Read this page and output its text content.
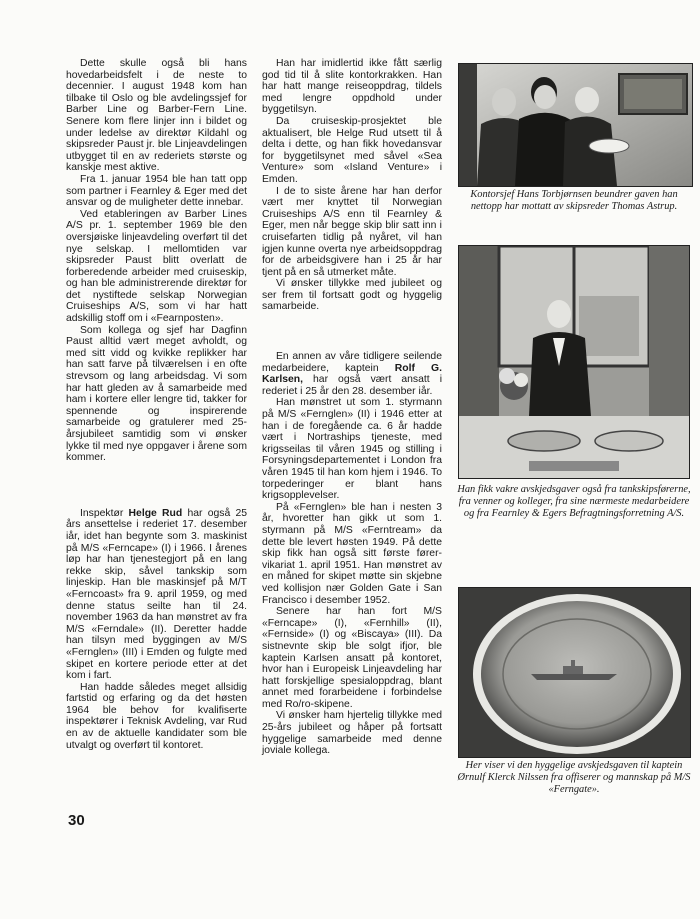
Dette skulle også bli hans hovedarbeidsfelt i de neste to decennier. I august 1948 kom han tilbake til Oslo og ble avdelingssjef for Barber Line og Barber-Fern Line. Senere kom flere linjer inn i bildet og under ledelse av direktør Kildahl og skipsreder Paust jr. ble Linjeavdelingen utbygget til en av rederiets største og kanskje mest aktive.

Fra 1. januar 1954 ble han tatt opp som partner i Fearnley & Eger med det ansvar og de muligheter dette innebar.

Ved etableringen av Barber Lines A/S pr. 1. september 1969 ble den oversjøiske linjeavdeling overført til det nye selskap. I mellomtiden var skipsreder Paust blitt overlatt de forberedende arbeider med cruiseskip, og han ble administrerende direktør for det nystiftede selskap Norwegian Cruiseships A/S, som vi har hatt adskillig stoff om i «Fearnposten».

Som kollega og sjef har Dagfinn Paust alltid vært meget avholdt, og med sitt vidd og kvikke replikker har han satt farve på tilværelsen i en ofte strevsom og lang arbeidsdag. Vi som har hatt gleden av å samarbeide med ham i kortere eller lengre tid, takker for spennende og inspirerende samarbeide og gratulerer med 25-årsjubileet samtidig som vi ønsker lykke til med nye oppgaver i årene som kommer.

Inspektør Helge Rud har også 25 års ansettelse i rederiet 17. desember iår, idet han begynte som 3. maskinist på M/S «Ferncape» (I) i 1966. I årenes løp har han tjenestegjort på en lang rekke skip, såvel tankskip som linjeskip. Han ble maskinsjef på M/T «Ferncoast» fra 9. april 1959, og med denne status seilte han til 24. november 1963 da han mønstret av fra M/S «Ferndale» (II). Deretter hadde han tilsyn med byggingen av M/S «Fernglen» (III) i Emden og fulgte med skipet en kortere periode etter at det kom i fart.

Han hadde således meget allsidig fartstid og erfaring og da det høsten 1964 ble behov for kvalifiserte inspektører i Teknisk Avdeling, var Rud en av de aktuelle kandidater som ble utvalgt og overført til kontoret.

Han har imidlertid ikke fått særlig god tid til å slite kontorkrakken. Han har hatt mange reiseoppdrag, tildels med lengre oppdhold under byggetilsyn.

Da cruiseskip-prosjektet ble aktualisert, ble Helge Rud utsett til å delta i dette, og han fikk hovedansvar for byggetilsynet med såvel «Sea Venture» som «Island Venture» i Emden.

I de to siste årene har han derfor vært mer knyttet til Norwegian Cruiseships A/S enn til Fearnley & Eger, men når begge skip blir satt inn i cruisefarten tidlig på nyåret, vil han igjen kunne overta nye arbeidsoppdrag for de arbeidsgivere han i 25 år har tjent på en så utmerket måte.

Vi ønsker tillykke med jubileet og ser frem til fortsatt godt og hyggelig samarbeide.

En annen av våre tidligere seilende medarbeidere, kaptein Rolf G. Karlsen, har også vært ansatt i rederiet i 25 år den 28. desember iår.

Han mønstret ut som 1. styrmann på M/S «Fernglen» (II) i 1946 etter at han i de foregående ca. 6 år hadde vært i Nortraships tjeneste, med krigsseilas til våren 1945 og stilling i Forsyningsdepartementet i London fra våren 1945 til han kom hjem i 1946. To torpederinger er blant hans krigsopplevelser.

På «Fernglen» ble han i nesten 3 år, hvoretter han gikk ut som 1. styrmann på M/S «Ferntream» da dette ble levert høsten 1949. På dette skip fikk han også sitt første fører-vikariat 1. april 1951. Han mønstret av en måned for skipet møtte sin skjebne ved kollisjon nær Golden Gate i San Francisco i desember 1952.

Senere har han fort M/S «Ferncape» (I), «Fernhill» (II), «Fernside» (I) og «Biscaya» (III). Da sistnevnte skip ble solgt ifjor, ble kaptein Karlsen ansatt på kontoret, hvor han i Europeisk Linjeavdeling har hatt forskjellige spesialoppdrag, blant annet med forarbeidene i forbindelse med Ro/ro-skipene.

Vi ønsker ham hjertelig tillykke med 25-års jubileet og håper på fortsatt hyggelige samarbeide med denne joviale kollega.

Kontorsjef Hans Torbjørnsen beundrer gaven han nettopp har mottatt av skipsreder Thomas Astrup.
Han fikk vakre avskjedsgaver også fra tankskipsførerne, fra venner og kolleger, fra sine nærmeste medarbeidere og fra Fearnley & Egers Befragtningsforretning A/S.
Her viser vi den hyggelige avskjedsgaven til kaptein Ørnulf Klerck Nilssen fra offiserer og mannskap på M/S «Ferngate».
30
